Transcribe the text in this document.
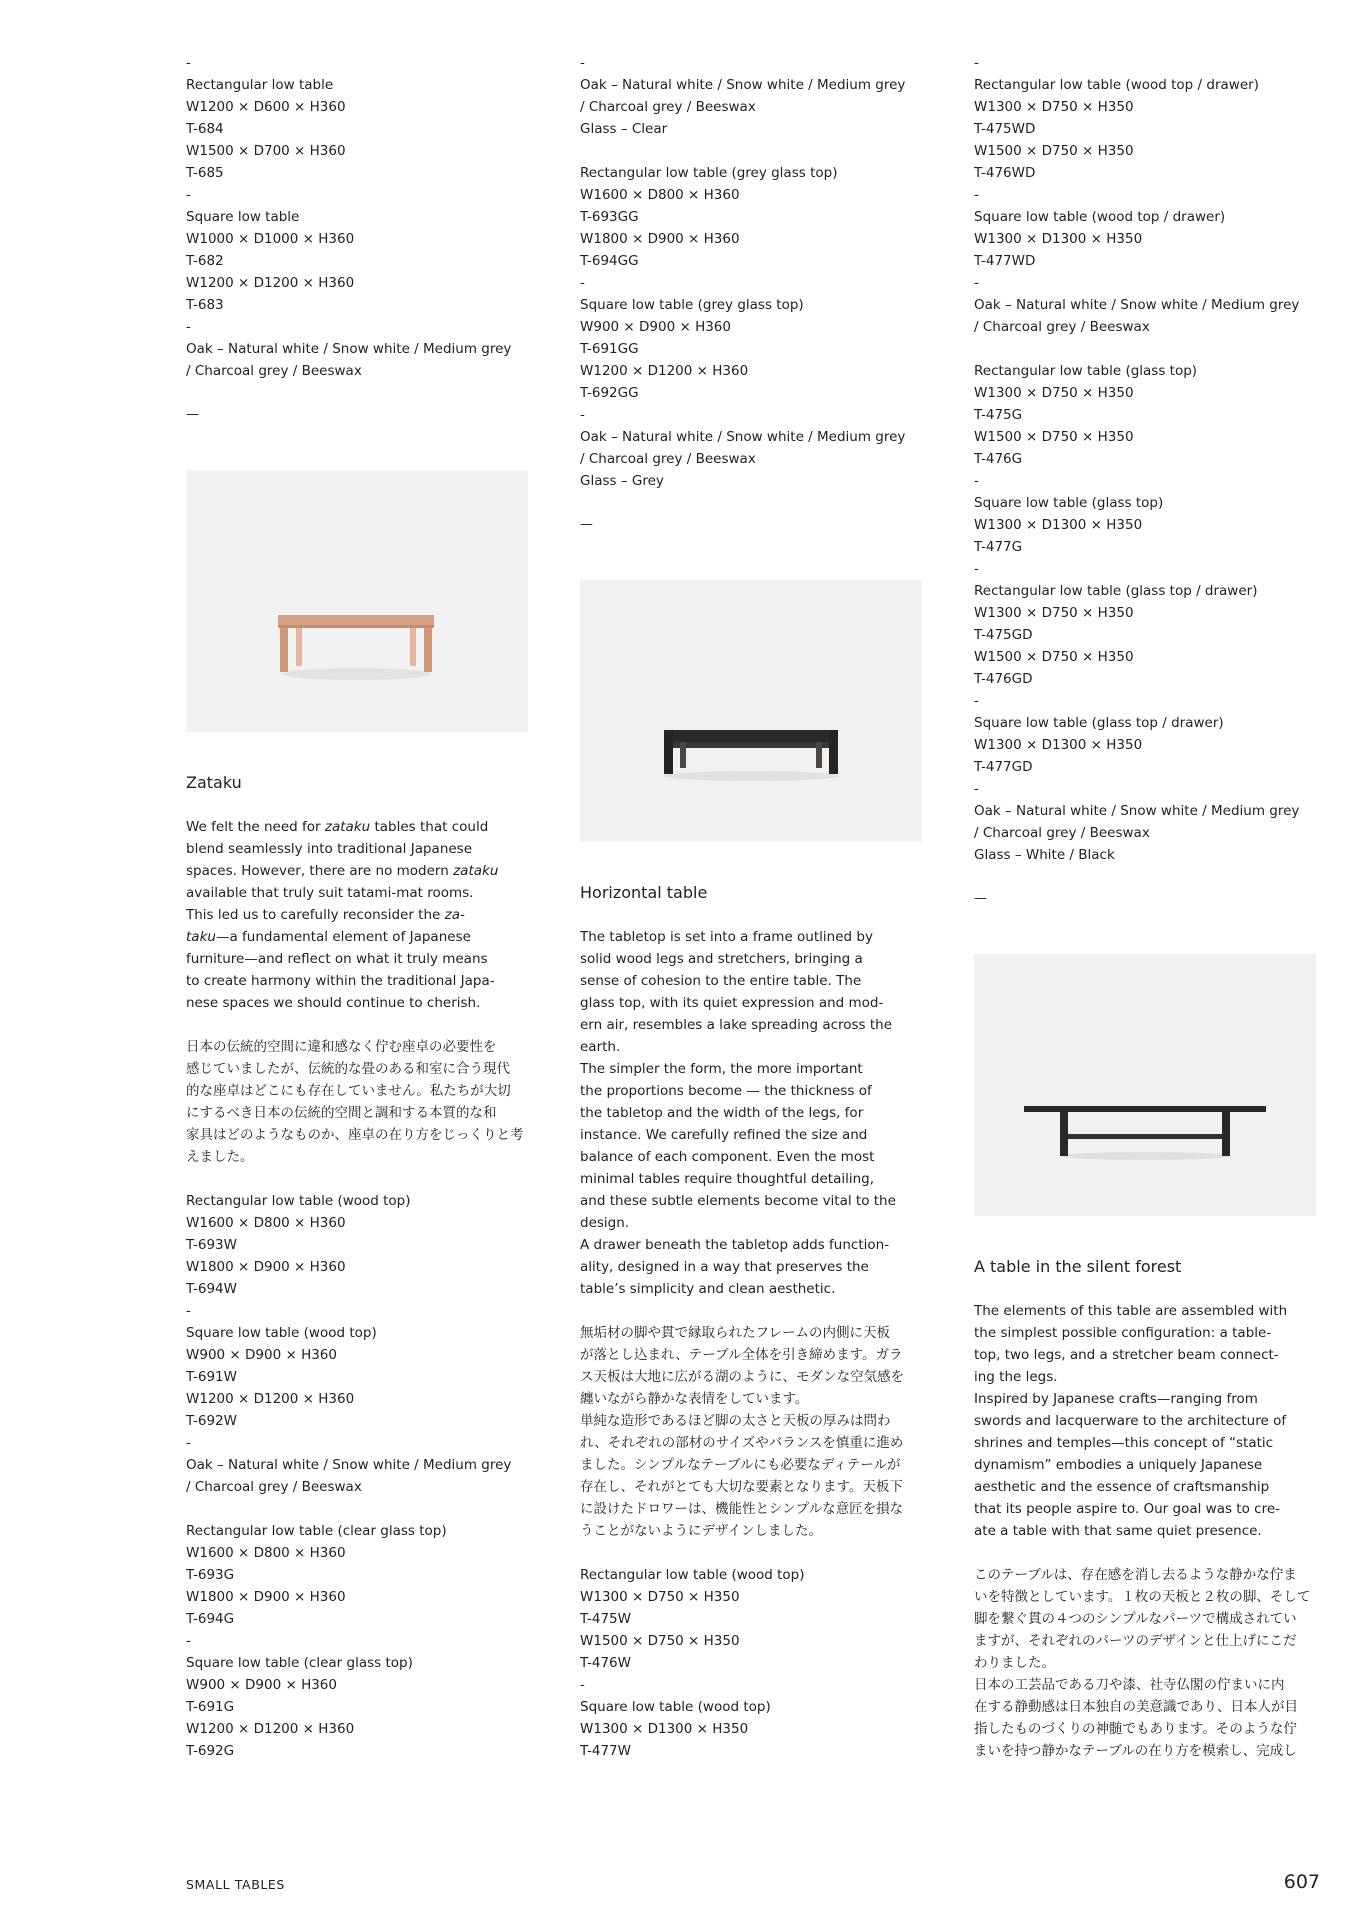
-
Rectangular low table
W1200 × D600 × H360
T-684
W1500 × D700 × H360
T-685
-
Square low table
W1000 × D1000 × H360
T-682
W1200 × D1200 × H360
T-683
-
Oak – Natural white / Snow white / Medium grey
/ Charcoal grey / Beeswax
—
Zataku
We felt the need for zataku tables that could
blend seamlessly into traditional Japanese
spaces. However, there are no modern zataku
available that truly suit tatami-mat rooms.
This led us to carefully reconsider the za-
taku—a fundamental element of Japanese
furniture—and reflect on what it truly means
to create harmony within the traditional Japa-
nese spaces we should continue to cherish.
日本の伝統的空間に違和感なく佇む座卓の必要性を
感じていましたが、伝統的な畳のある和室に合う現代
的な座卓はどこにも存在していません。私たちが大切
にするべき日本の伝統的空間と調和する本質的な和
家具はどのようなものか、座卓の在り方をじっくりと考
えました。
Rectangular low table (wood top)
W1600 × D800 × H360
T-693W
W1800 × D900 × H360
T-694W
-
Square low table (wood top)
W900 × D900 × H360
T-691W
W1200 × D1200 × H360
T-692W
-
Oak – Natural white / Snow white / Medium grey
/ Charcoal grey / Beeswax
Rectangular low table (clear glass top)
W1600 × D800 × H360
T-693G
W1800 × D900 × H360
T-694G
-
Square low table (clear glass top)
W900 × D900 × H360
T-691G
W1200 × D1200 × H360
T-692G
-
Oak – Natural white / Snow white / Medium grey
/ Charcoal grey / Beeswax
Glass – Clear
Rectangular low table (grey glass top)
W1600 × D800 × H360
T-693GG
W1800 × D900 × H360
T-694GG
-
Square low table (grey glass top)
W900 × D900 × H360
T-691GG
W1200 × D1200 × H360
T-692GG
-
Oak – Natural white / Snow white / Medium grey
/ Charcoal grey / Beeswax
Glass – Grey
—
Horizontal table
The tabletop is set into a frame outlined by
solid wood legs and stretchers, bringing a
sense of cohesion to the entire table. The
glass top, with its quiet expression and mod-
ern air, resembles a lake spreading across the
earth.
The simpler the form, the more important
the proportions become — the thickness of
the tabletop and the width of the legs, for
instance. We carefully refined the size and
balance of each component. Even the most
minimal tables require thoughtful detailing,
and these subtle elements become vital to the
design.
A drawer beneath the tabletop adds function-
ality, designed in a way that preserves the
table’s simplicity and clean aesthetic.
無垢材の脚や貫で縁取られたフレームの内側に天板
が落とし込まれ、テーブル全体を引き締めます。ガラ
ス天板は大地に広がる湖のように、モダンな空気感を
纏いながら静かな表情をしています。
単純な造形であるほど脚の太さと天板の厚みは問わ
れ、それぞれの部材のサイズやバランスを慎重に進め
ました。シンプルなテーブルにも必要なディテールが
存在し、それがとても大切な要素となります。天板下
に設けたドロワーは、機能性とシンプルな意匠を損な
うことがないようにデザインしました。
Rectangular low table (wood top)
W1300 × D750 × H350
T-475W
W1500 × D750 × H350
T-476W
-
Square low table (wood top)
W1300 × D1300 × H350
T-477W
-
Rectangular low table (wood top / drawer)
W1300 × D750 × H350
T-475WD
W1500 × D750 × H350
T-476WD
-
Square low table (wood top / drawer)
W1300 × D1300 × H350
T-477WD
-
Oak – Natural white / Snow white / Medium grey
/ Charcoal grey / Beeswax
Rectangular low table (glass top)
W1300 × D750 × H350
T-475G
W1500 × D750 × H350
T-476G
-
Square low table (glass top)
W1300 × D1300 × H350
T-477G
-
Rectangular low table (glass top / drawer)
W1300 × D750 × H350
T-475GD
W1500 × D750 × H350
T-476GD
-
Square low table (glass top / drawer)
W1300 × D1300 × H350
T-477GD
-
Oak – Natural white / Snow white / Medium grey
/ Charcoal grey / Beeswax
Glass – White / Black
—
A table in the silent forest
The elements of this table are assembled with
the simplest possible configuration: a table-
top, two legs, and a stretcher beam connect-
ing the legs.
Inspired by Japanese crafts—ranging from
swords and lacquerware to the architecture of
shrines and temples—this concept of “static
dynamism” embodies a uniquely Japanese
aesthetic and the essence of craftsmanship
that its people aspire to. Our goal was to cre-
ate a table with that same quiet presence.
このテーブルは、存在感を消し去るような静かな佇ま
いを特徴としています。１枚の天板と２枚の脚、そして
脚を繋ぐ貫の４つのシンプルなパーツで構成されてい
ますが、それぞれのパーツのデザインと仕上げにこだ
わりました。
日本の工芸品である刀や漆、社寺仏閣の佇まいに内
在する静動感は日本独自の美意識であり、日本人が目
指したものづくりの神髄でもあります。そのような佇
まいを持つ静かなテーブルの在り方を模索し、完成し
SMALL TABLES	607
